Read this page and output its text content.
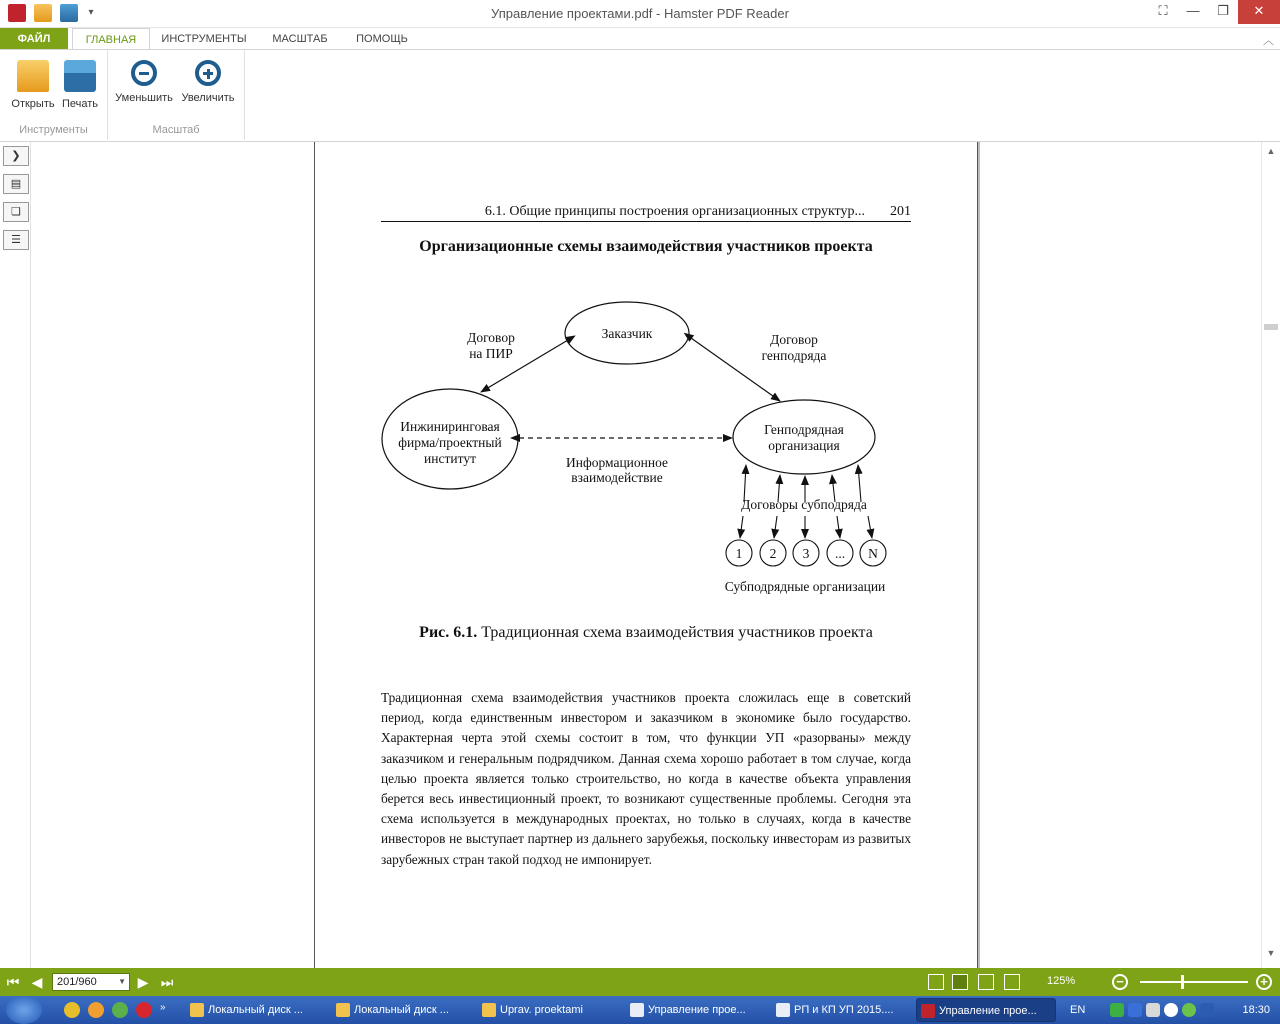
▾	Управление проектами.pdf - Hamster PDF Reader	⛶	—	❐	✕
ФАЙЛ	ГЛАВНАЯ	ИНСТРУМЕНТЫ	МАСШТАБ	ПОМОЩЬ	︿
Открыть Печать
Инструменты
Уменьшить Увеличить
Масштаб
❯
▤
❏
☰
6.1. Общие принципы построения организационных структур...	201
Организационные схемы взаимодействия участников проекта
Заказчик
Инжиниринговая
фирма/проектный
институт
Генподрядная
организация
Договор
на ПИР
Договор
генподряда
Информационное
взаимодействие
Договоры субподряда
1 2 3 ... N
Субподрядные организации
Рис. 6.1. Традиционная схема взаимодействия участников проекта
Традиционная схема взаимодействия участников проекта сложилась еще в советский период, когда единственным инвестором и заказчиком в экономике было государство. Характерная черта этой схемы состоит в том, что функции УП «разорваны» между заказчиком и генеральным подрядчиком. Данная схема хорошо работает в том случае, когда целью проекта является только строительство, но когда в качестве объекта управления берется весь инвестиционный проект, то возникают существенные проблемы. Сегодня эта схема используется в международных проектах, но только в случаях, когда в качестве инвесторов не выступает партнер из дальнего зарубежья, поскольку инвесторам из развитых зарубежных стран такой подход не импонирует.
▲
▼
⏮ ◀	201/960	▼ ▶ ⏭	125%	−	+
»	Локальный диск ...	Локальный диск ...	Uprav. proektami	Управление прое...	РП и КП УП 2015....	Управление прое...	EN	18:30
